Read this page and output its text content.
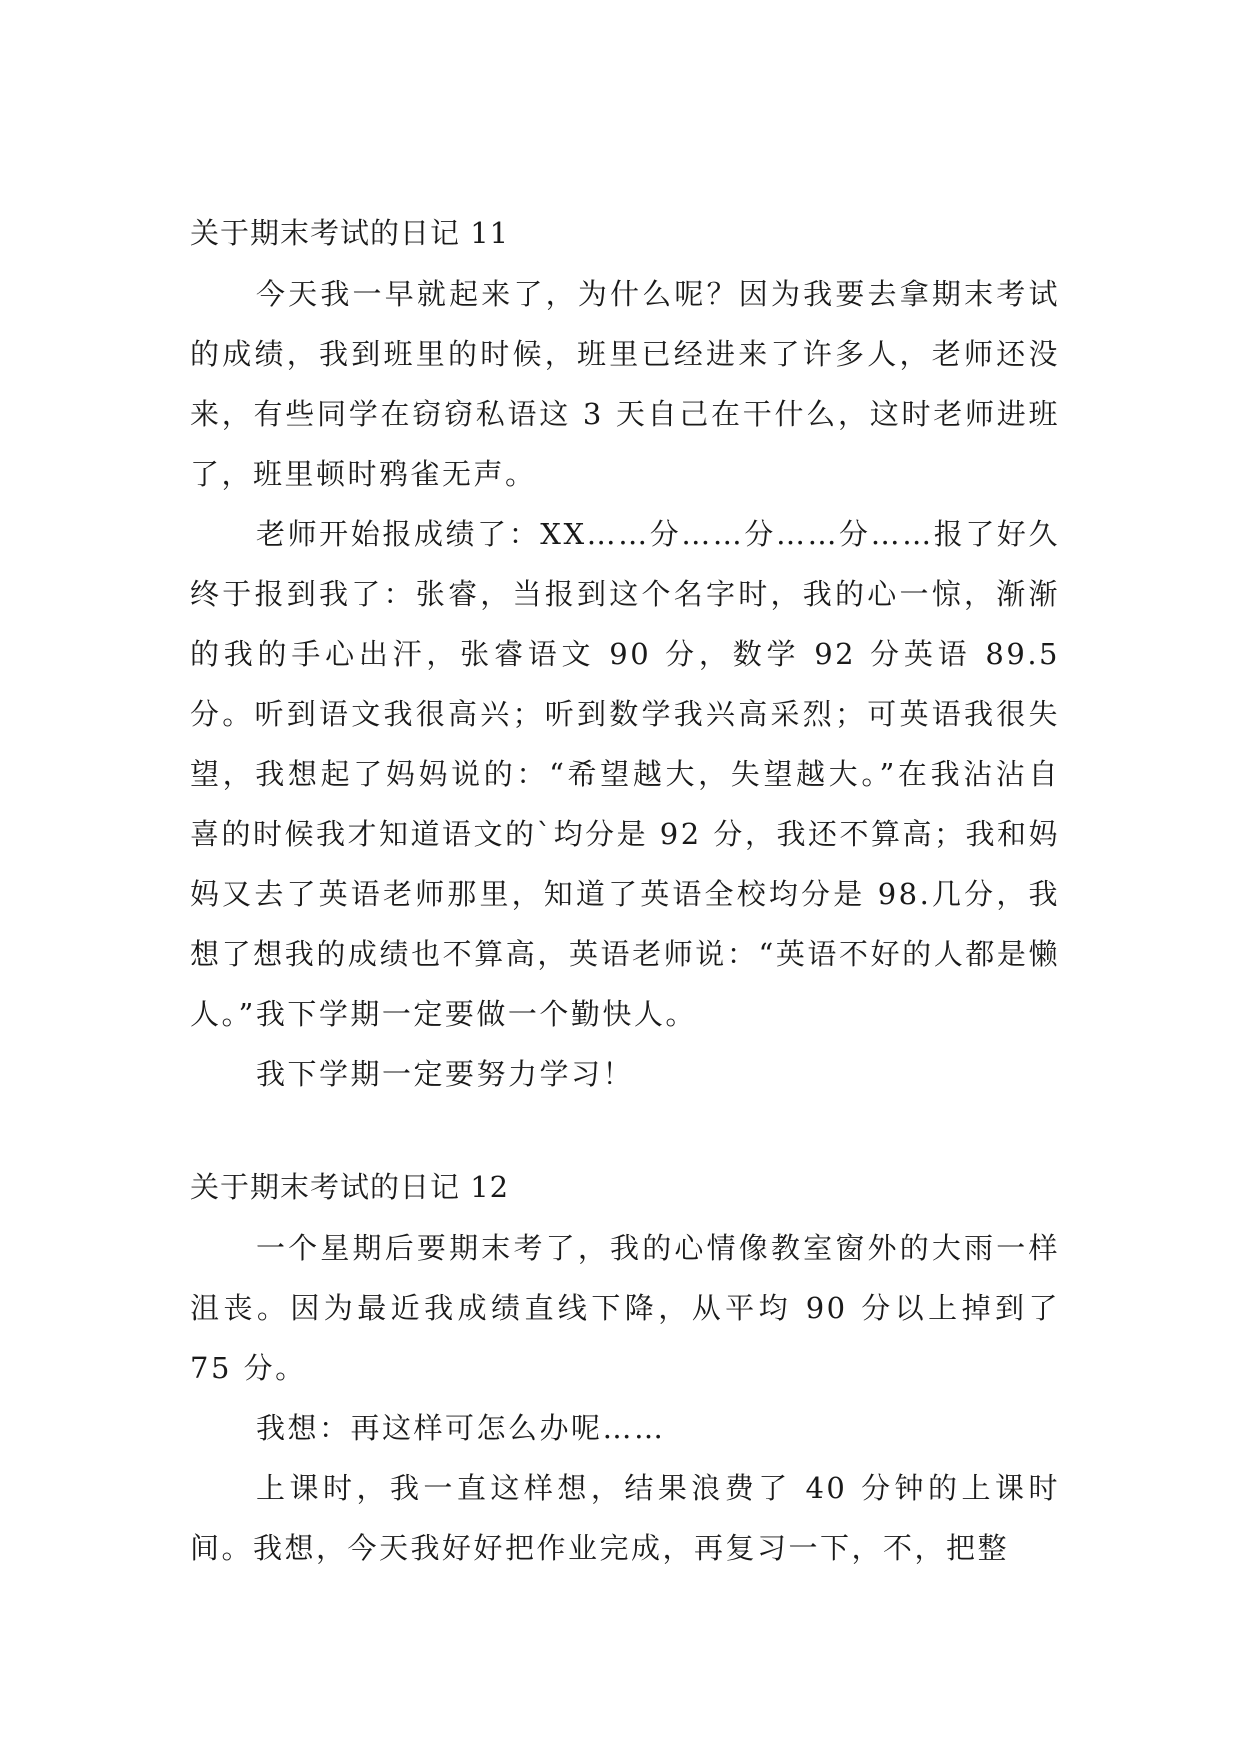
关于期末考试的日记 11

今天我一早就起来了，为什么呢？因为我要去拿期末考试的成绩，我到班里的时候，班里已经进来了许多人，老师还没来，有些同学在窃窃私语这 3 天自己在干什么，这时老师进班了，班里顿时鸦雀无声。

老师开始报成绩了：XX……分……分……分……报了好久终于报到我了：张睿，当报到这个名字时，我的心一惊，渐渐的我的手心出汗，张睿语文 90 分，数学 92 分英语 89.5 分。听到语文我很高兴；听到数学我兴高采烈；可英语我很失望，我想起了妈妈说的：“希望越大，失望越大。”在我沾沾自喜的时候我才知道语文的`均分是 92 分，我还不算高；我和妈妈又去了英语老师那里，知道了英语全校均分是 98.几分，我想了想我的成绩也不算高，英语老师说：“英语不好的人都是懒人。”我下学期一定要做一个勤快人。

我下学期一定要努力学习！

关于期末考试的日记 12

一个星期后要期末考了，我的心情像教室窗外的大雨一样沮丧。因为最近我成绩直线下降，从平均 90 分以上掉到了 75 分。

我想：再这样可怎么办呢……

上课时，我一直这样想，结果浪费了 40 分钟的上课时间。我想，今天我好好把作业完成，再复习一下，不，把整
